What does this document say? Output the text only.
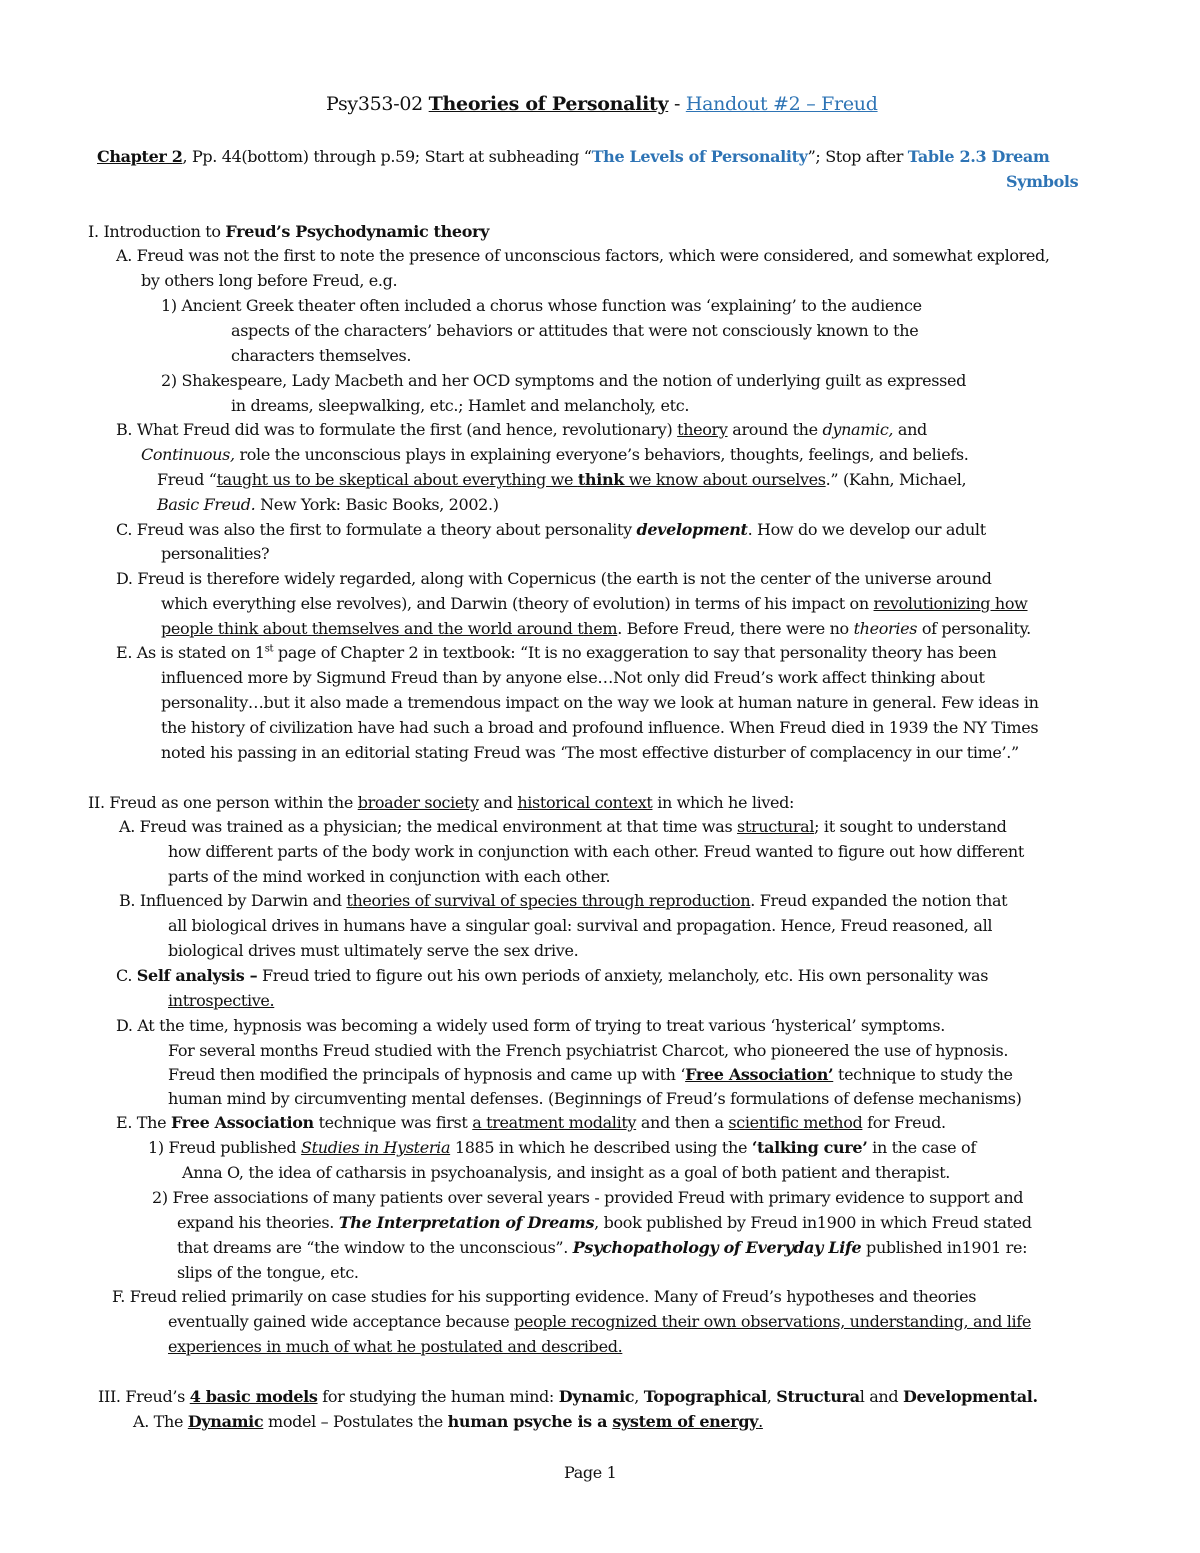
Psy353-02 Theories of Personality - Handout #2 – Freud
Chapter 2, Pp. 44(bottom) through p.59; Start at subheading “The Levels of Personality”; Stop after Table 2.3 Dream
Symbols
I. Introduction to Freud’s Psychodynamic theory
A. Freud was not the first to note the presence of unconscious factors, which were considered, and somewhat explored,
by others long before Freud, e.g.
1) Ancient Greek theater often included a chorus whose function was ‘explaining’ to the audience
aspects of the characters’ behaviors or attitudes that were not consciously known to the
characters themselves.
2) Shakespeare, Lady Macbeth and her OCD symptoms and the notion of underlying guilt as expressed
in dreams, sleepwalking, etc.; Hamlet and melancholy, etc.
B. What Freud did was to formulate the first (and hence, revolutionary) theory around the dynamic, and
Continuous, role the unconscious plays in explaining everyone’s behaviors, thoughts, feelings, and beliefs.
Freud “taught us to be skeptical about everything we think we know about ourselves.” (Kahn, Michael,
Basic Freud. New York: Basic Books, 2002.)
C. Freud was also the first to formulate a theory about personality development. How do we develop our adult
personalities?
D. Freud is therefore widely regarded, along with Copernicus (the earth is not the center of the universe around
which everything else revolves), and Darwin (theory of evolution) in terms of his impact on revolutionizing how
people think about themselves and the world around them. Before Freud, there were no theories of personality.
E. As is stated on 1st page of Chapter 2 in textbook: “It is no exaggeration to say that personality theory has been
influenced more by Sigmund Freud than by anyone else…Not only did Freud’s work affect thinking about
personality…but it also made a tremendous impact on the way we look at human nature in general. Few ideas in
the history of civilization have had such a broad and profound influence. When Freud died in 1939 the NY Times
noted his passing in an editorial stating Freud was ‘The most effective disturber of complacency in our time’.”
II. Freud as one person within the broader society and historical context in which he lived:
A. Freud was trained as a physician; the medical environment at that time was structural; it sought to understand
how different parts of the body work in conjunction with each other. Freud wanted to figure out how different
parts of the mind worked in conjunction with each other.
B. Influenced by Darwin and theories of survival of species through reproduction. Freud expanded the notion that
all biological drives in humans have a singular goal: survival and propagation. Hence, Freud reasoned, all
biological drives must ultimately serve the sex drive.
C. Self analysis – Freud tried to figure out his own periods of anxiety, melancholy, etc. His own personality was
introspective.
D. At the time, hypnosis was becoming a widely used form of trying to treat various ‘hysterical’ symptoms.
For several months Freud studied with the French psychiatrist Charcot, who pioneered the use of hypnosis.
Freud then modified the principals of hypnosis and came up with ‘Free Association’ technique to study the
human mind by circumventing mental defenses. (Beginnings of Freud’s formulations of defense mechanisms)
E. The Free Association technique was first a treatment modality and then a scientific method for Freud.
1) Freud published Studies in Hysteria 1885 in which he described using the ‘talking cure’ in the case of
Anna O, the idea of catharsis in psychoanalysis, and insight as a goal of both patient and therapist.
2) Free associations of many patients over several years - provided Freud with primary evidence to support and
expand his theories. The Interpretation of Dreams, book published by Freud in1900 in which Freud stated
that dreams are “the window to the unconscious”. Psychopathology of Everyday Life published in1901 re:
slips of the tongue, etc.
F. Freud relied primarily on case studies for his supporting evidence. Many of Freud’s hypotheses and theories
eventually gained wide acceptance because people recognized their own observations, understanding, and life
experiences in much of what he postulated and described.
III. Freud’s 4 basic models for studying the human mind: Dynamic, Topographical, Structural and Developmental.
A. The Dynamic model – Postulates the human psyche is a system of energy.
Page 1
